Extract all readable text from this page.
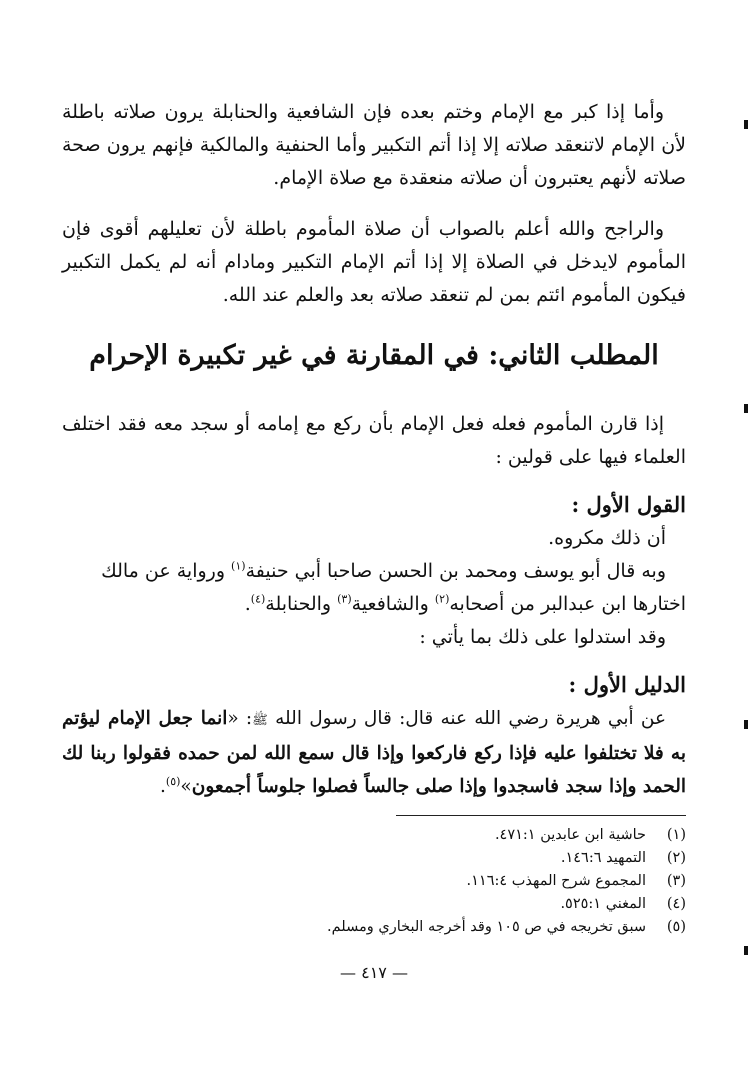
وأما إذا كبر مع الإمام وختم بعده فإن الشافعية والحنابلة يرون صلاته باطلة لأن الإمام لاتنعقد صلاته إلا إذا أتم التكبير وأما الحنفية والمالكية فإنهم يرون صحة صلاته لأنهم يعتبرون أن صلاته منعقدة مع صلاة الإمام.

والراجح والله أعلم بالصواب أن صلاة المأموم باطلة لأن تعليلهم أقوى فإن المأموم لايدخل في الصلاة إلا إذا أتم الإمام التكبير ومادام أنه لم يكمل التكبير فيكون المأموم ائتم بمن لم تنعقد صلاته بعد والعلم عند الله.

المطلب الثاني: في المقارنة في غير تكبيرة الإحرام

إذا قارن المأموم فعله فعل الإمام بأن ركع مع إمامه أو سجد معه فقد اختلف العلماء فيها على قولين :

القول الأول :

أن ذلك مكروه.

وبه قال أبو يوسف ومحمد بن الحسن صاحبا أبي حنيفة$^{(١)}$ ورواية عن مالك

اختارها ابن عبدالبر من أصحابه$^{(٢)}$ والشافعية$^{(٣)}$ والحنابلة$^{(٤)}$.

وقد استدلوا على ذلك بما يأتي :

الدليل الأول :

عن أبي هريرة رضي الله عنه قال: قال رسول الله ﷺ: «انما جعل الإمام ليؤتم به فلا تختلفوا عليه فإذا ركع فاركعوا وإذا قال سمع الله لمن حمده فقولوا ربنا لك الحمد وإذا سجد فاسجدوا وإذا صلى جالساً فصلوا جلوساً أجمعون»$^{(٥)}$.

(١)
حاشية ابن عابدين ٤٧١:١.
(٢)
التمهيد ١٤٦:٦.
(٣)
المجموع شرح المهذب ١١٦:٤.
(٤)
المغني ٥٢٥:١.
(٥)
سبق تخريجه في ص ١٠٥ وقد أخرجه البخاري ومسلم.
— ٤١٧ —
